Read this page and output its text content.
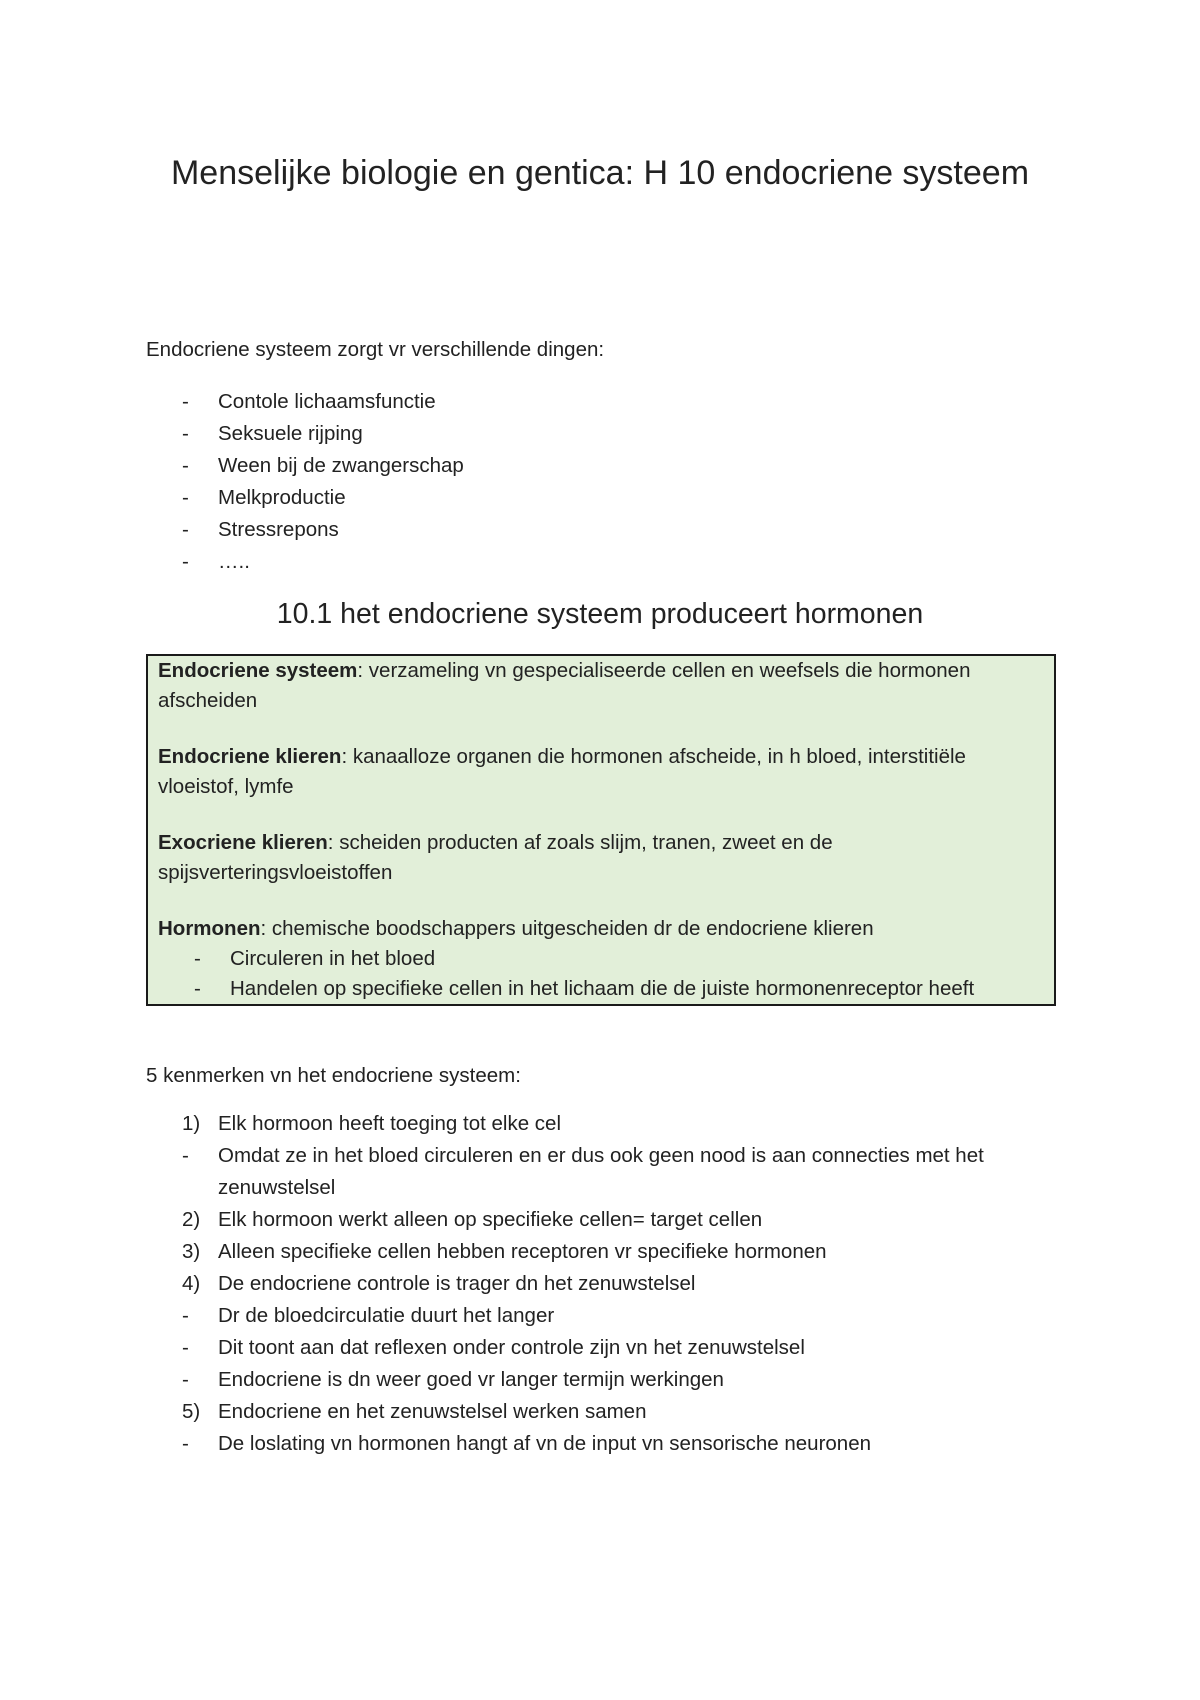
Menselijke biologie en gentica: H 10 endocriene systeem
Endocriene systeem zorgt vr verschillende dingen:
- Contole lichaamsfunctie
- Seksuele rijping
- Ween bij de zwangerschap
- Melkproductie
- Stressrepons
- …..
10.1 het endocriene systeem produceert hormonen

Endocriene systeem: verzameling vn gespecialiseerde cellen en weefsels die hormonen afscheiden

Endocriene klieren: kanaalloze organen die hormonen afscheide, in h bloed, interstitiële vloeistof, lymfe

Exocriene klieren: scheiden producten af zoals slijm, tranen, zweet en de spijsverteringsvloeistoffen

Hormonen: chemische boodschappers uitgescheiden dr de endocriene klieren

- Circuleren in het bloed
- Handelen op specifieke cellen in het lichaam die de juiste hormonenreceptor heeft
5 kenmerken vn het endocriene systeem:
1) Elk hormoon heeft toeging tot elke cel
- Omdat ze in het bloed circuleren en er dus ook geen nood is aan connecties met het zenuwstelsel
2) Elk hormoon werkt alleen op specifieke cellen= target cellen
3) Alleen specifieke cellen hebben receptoren vr specifieke hormonen
4) De endocriene controle is trager dn het zenuwstelsel
- Dr de bloedcirculatie duurt het langer
- Dit toont aan dat reflexen onder controle zijn vn het zenuwstelsel
- Endocriene is dn weer goed vr langer termijn werkingen
5) Endocriene en het zenuwstelsel werken samen
- De loslating vn hormonen hangt af vn de input vn sensorische neuronen
